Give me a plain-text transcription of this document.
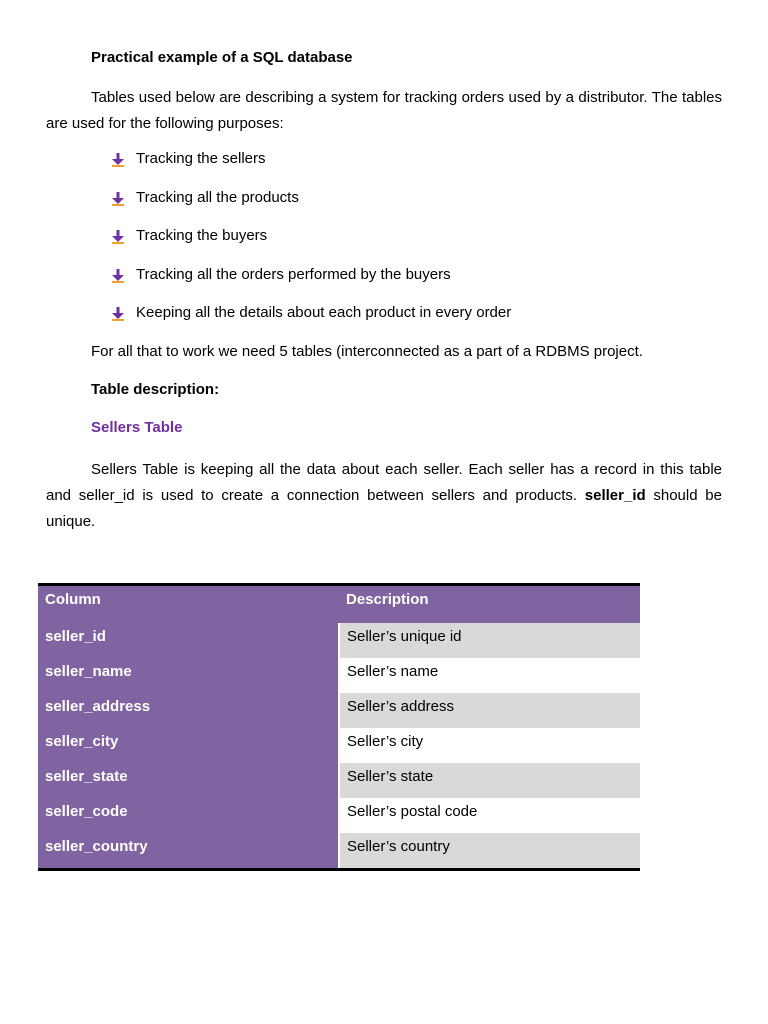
Practical example of a SQL database

Tables used below are describing a system for tracking orders used by a distributor. The tables are used for the following purposes:

Tracking the sellers
Tracking all the products
Tracking the buyers
Tracking all the orders performed by the buyers
Keeping all the details about each product in every order

For all that to work we need 5 tables (interconnected as a part of a RDBMS project.

Table description:

Sellers Table

Sellers Table is keeping all the data about each seller. Each seller has a record in this table and seller_id is used to create a connection between sellers and products. seller_id should be unique.

Column	Description
seller_id	Seller’s unique id
seller_name	Seller’s name
seller_address	Seller’s address
seller_city	Seller’s city
seller_state	Seller’s state
seller_code	Seller’s postal code
seller_country	Seller’s country
